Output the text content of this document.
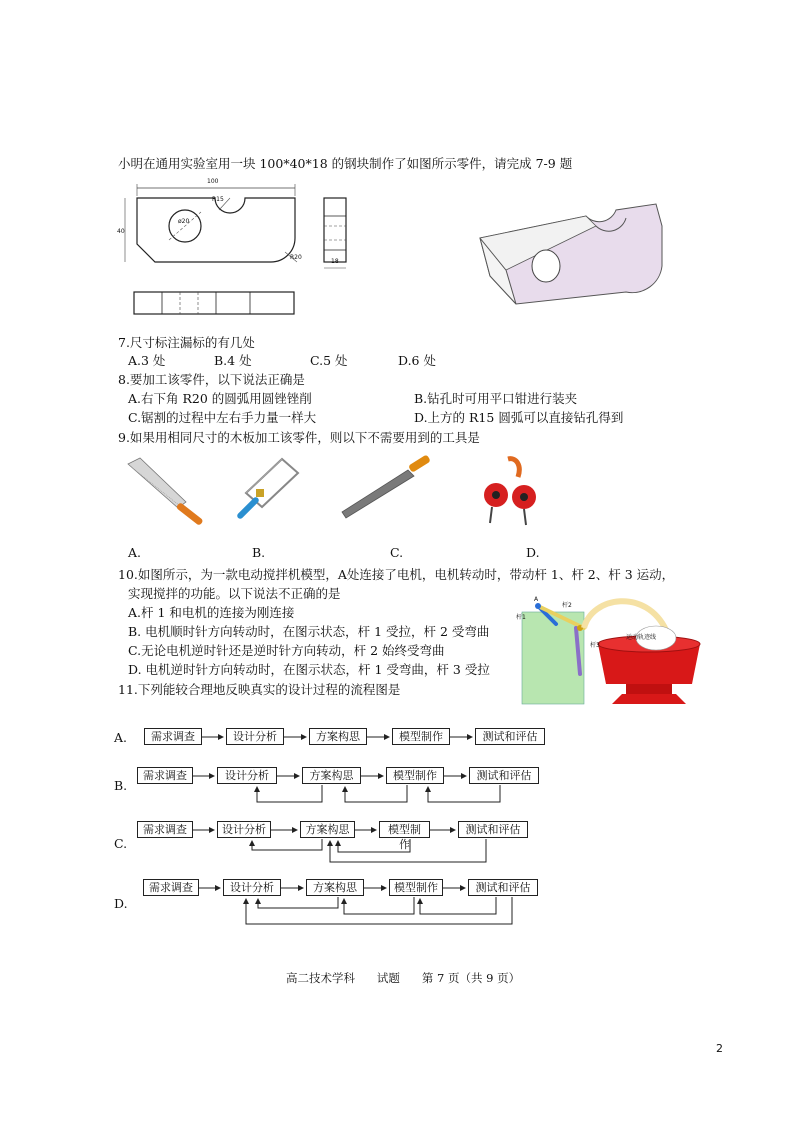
小明在通用实验室用一块 100*40*18 的钢块制作了如图所示零件，请完成 7-9 题
100
40
R15
ø20
R20
18
7.尺寸标注漏标的有几处
A.3 处	B.4 处	C.5 处	D.6 处
8.要加工该零件，以下说法正确是
A.右下角 R20 的圆弧用圆锉锉削	B.钻孔时可用平口钳进行装夹
C.锯割的过程中左右手力量一样大	D.上方的 R15 圆弧可以直接钻孔得到
9.如果用相同尺寸的木板加工该零件，则以下不需要用到的工具是
A.	B.	C.	D.
10.如图所示，为一款电动搅拌机模型，A处连接了电机，电机转动时，带动杆 1、杆 2、杆 3 运动，
实现搅拌的功能。以下说法不正确的是
A.杆 1 和电机的连接为刚连接
B. 电机顺时针方向转动时，在图示状态，杆 1 受拉，杆 2 受弯曲
C.无论电机逆时针还是逆时针方向转动，杆 2 始终受弯曲
D. 电机逆时针方向转动时，在图示状态，杆 1 受弯曲，杆 3 受拉
A
杆1
杆2
杆3
运动轨迹线
11.下列能较合理地反映真实的设计过程的流程图是
A.	需求调查	设计分析	方案构思	模型制作	测试和评估
B.
需求调查	设计分析	方案构思	模型制作	测试和评估
C.
需求调查	设计分析	方案构思	模型制作
测试和评估
D.
需求调查	设计分析	方案构思	模型制作	测试和评估
高二技术学科      试题      第 7 页（共 9 页）
2
